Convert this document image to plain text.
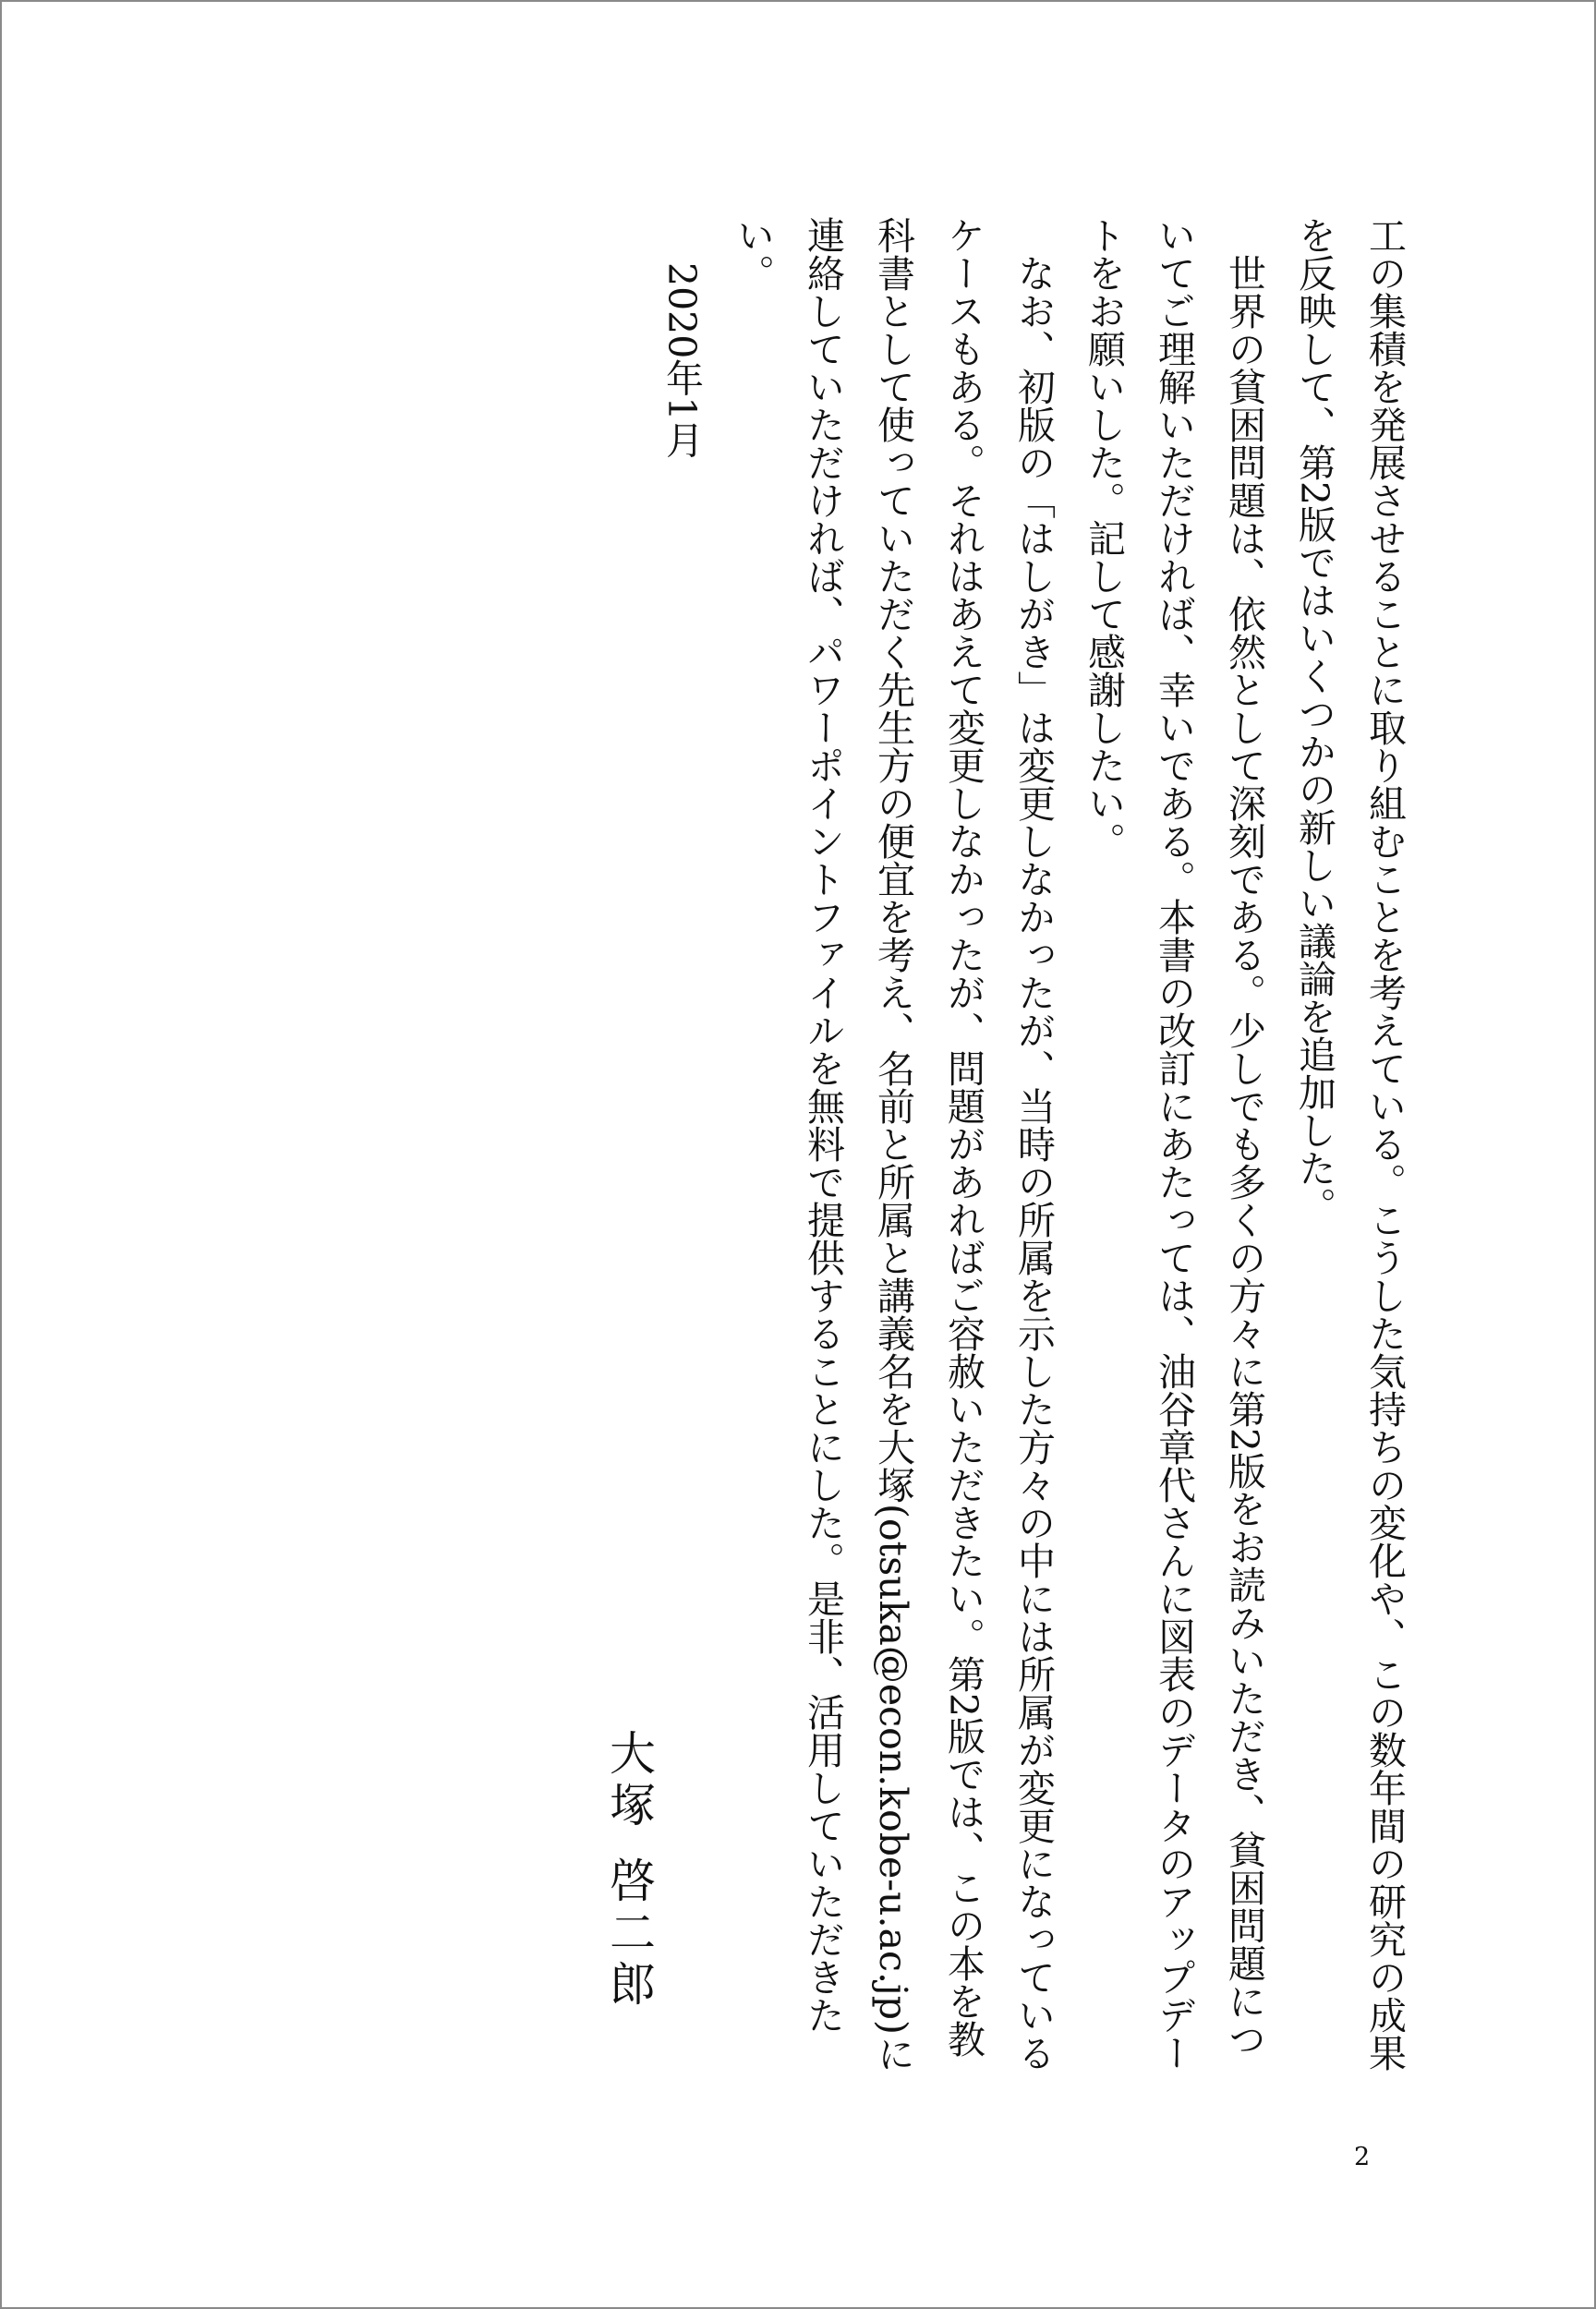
工の集積を発展させることに取り組むことを考えている。こうした気持ちの変化や、この数年間の研究の成果を反映して、第2版ではいくつかの新しい議論を追加した。

世界の貧困問題は、依然として深刻である。少しでも多くの方々に第2版をお読みいただき、貧困問題についてご理解いただければ、幸いである。本書の改訂にあたっては、油谷章代さんに図表のデータのアップデートをお願いした。記して感謝したい。

なお、初版の「はしがき」は変更しなかったが、当時の所属を示した方々の中には所属が変更になっているケースもある。それはあえて変更しなかったが、問題があればご容赦いただきたい。第2版では、この本を教科書として使っていただく先生方の便宜を考え、名前と所属と講義名を大塚(otsuka@econ.kobe-u.ac.jp)に連絡していただければ、パワーポイントファイルを無料で提供することにした。是非、活用していただきたい。

大塚啓二郎
2020年1月
2
